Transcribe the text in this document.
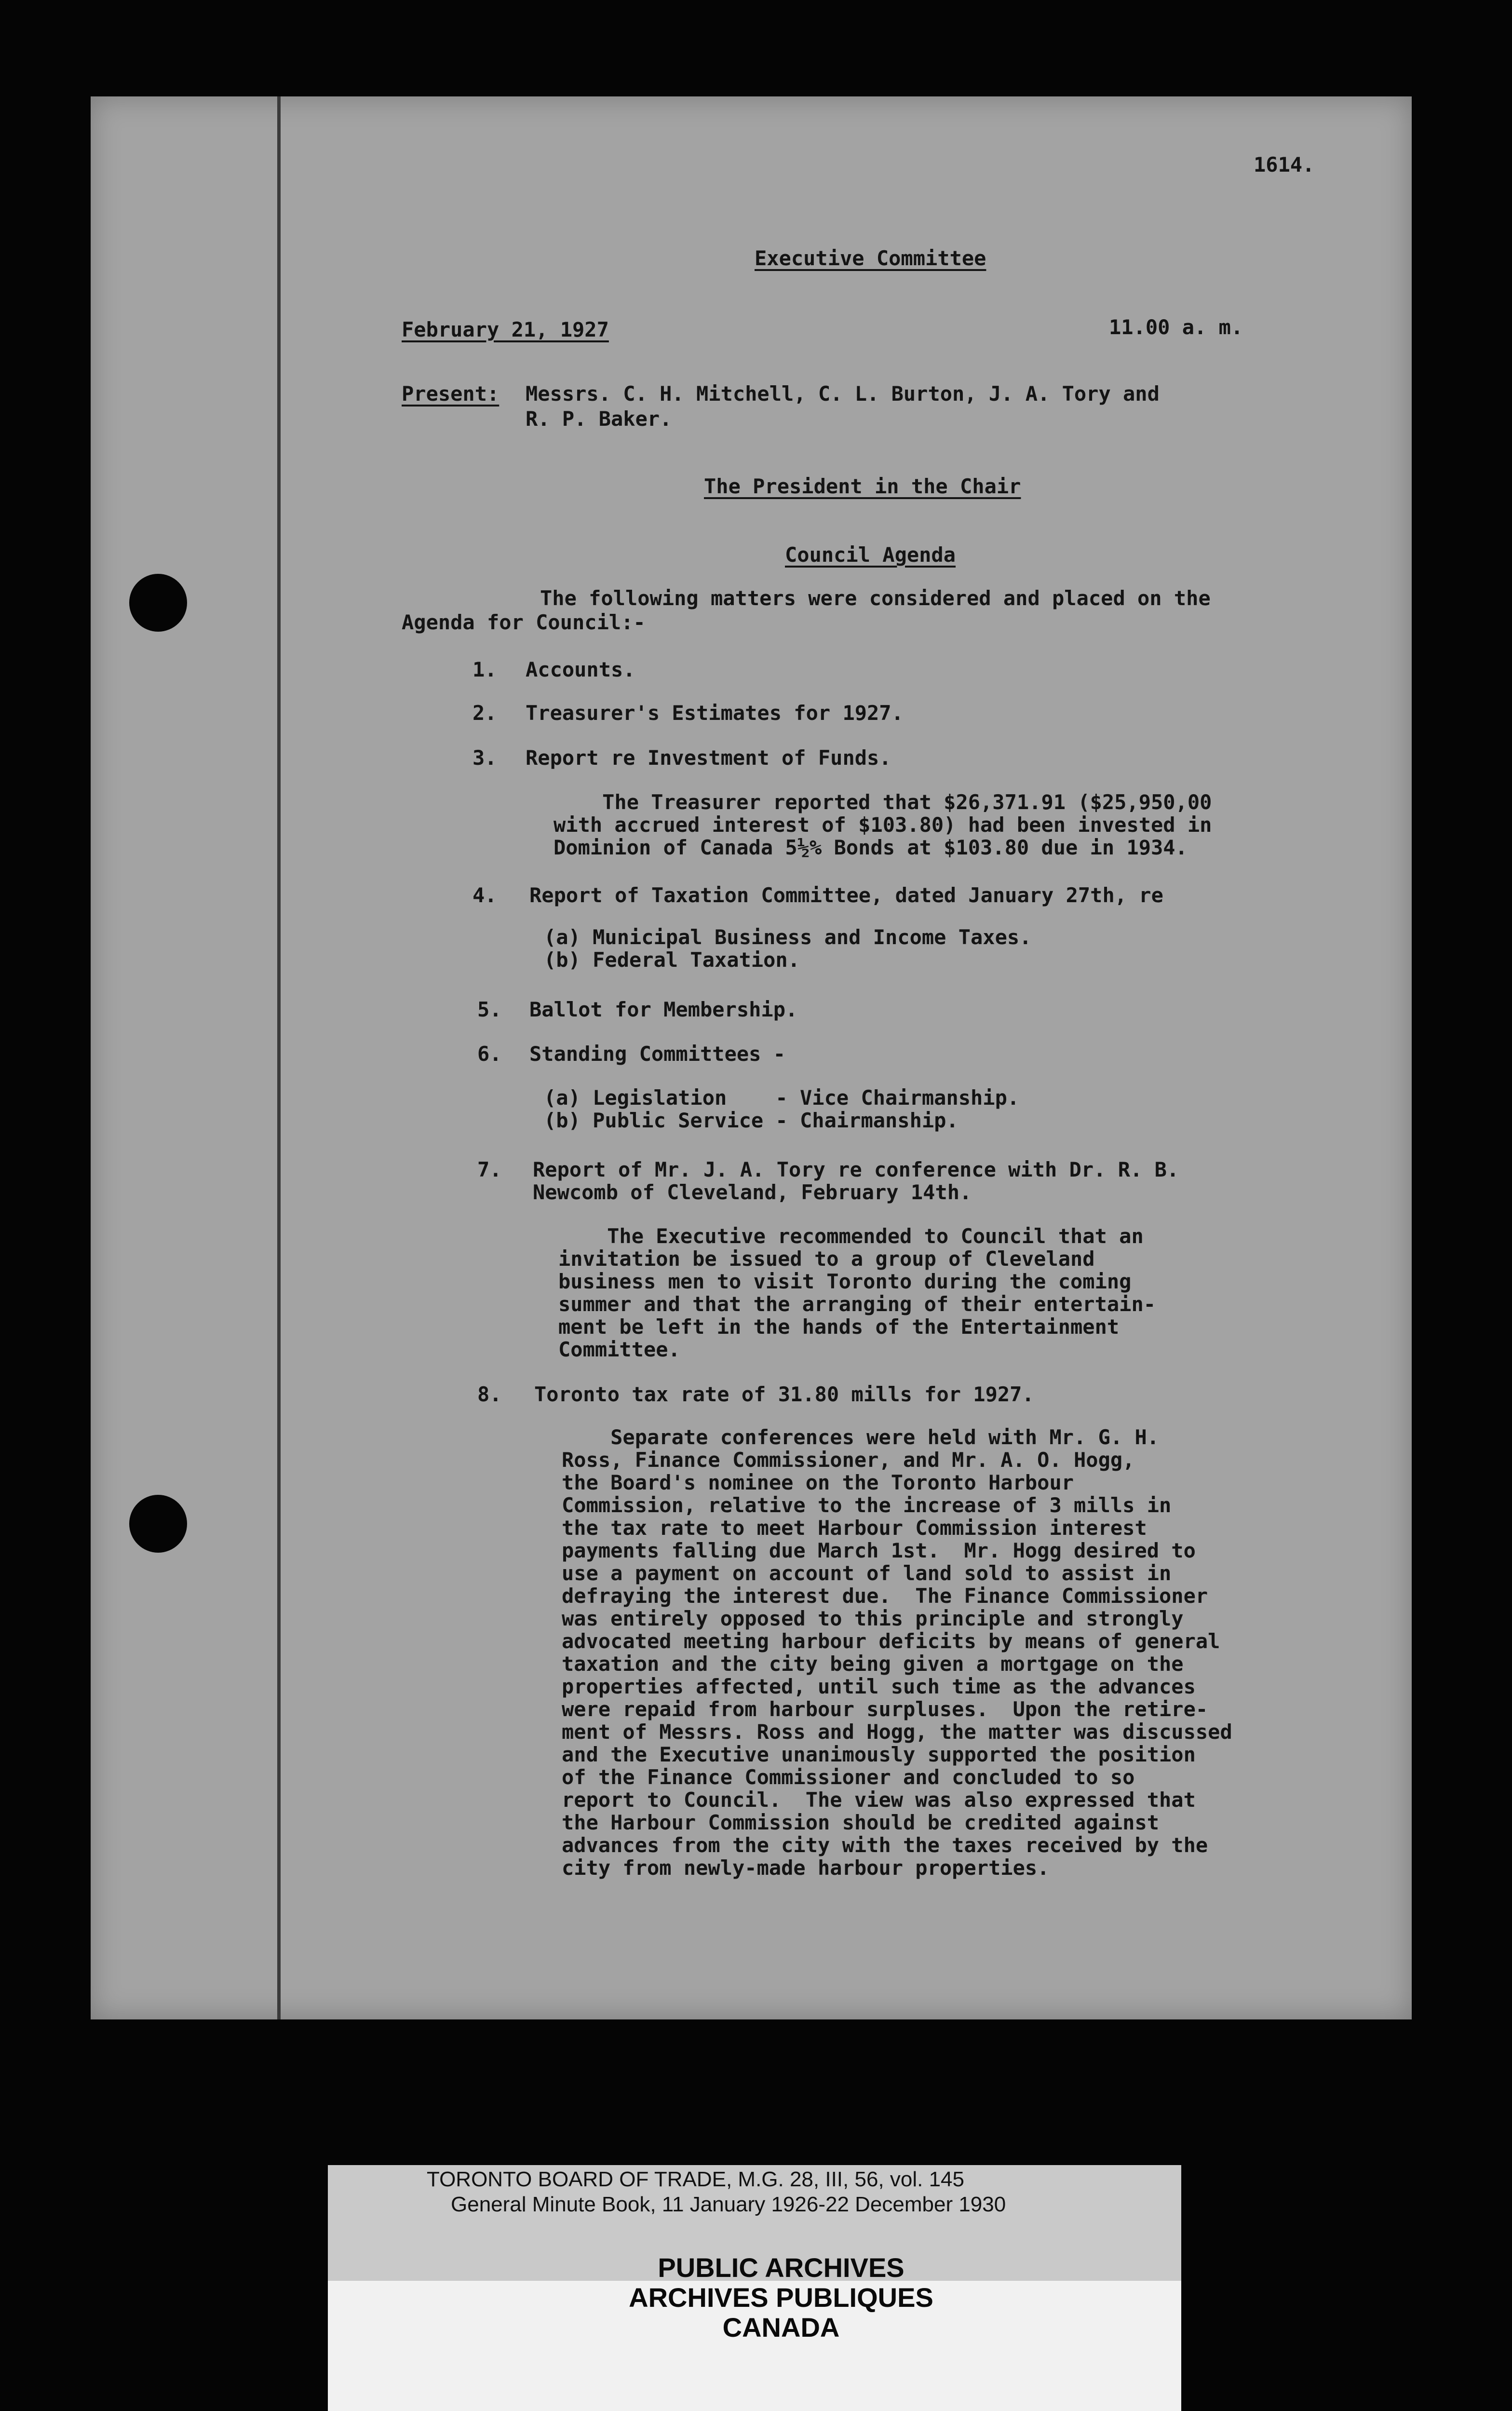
1614.
Executive Committee
February 21, 1927	11.00 a. m.
Present: Messrs. C. H. Mitchell, C. L. Burton, J. A. Tory and
R. P. Baker.
The President in the Chair
Council Agenda
The following matters were considered and placed on the
Agenda for Council:-
1. Accounts.
2. Treasurer's Estimates for 1927.
3. Report re Investment of Funds.
The Treasurer reported that $26,371.91 ($25,950,00
with accrued interest of $103.80) had been invested in
Dominion of Canada 5½% Bonds at $103.80 due in 1934.
4. Report of Taxation Committee, dated January 27th, re
(a) Municipal Business and Income Taxes.
(b) Federal Taxation.
5. Ballot for Membership.
6. Standing Committees -
(a) Legislation    - Vice Chairmanship.
(b) Public Service - Chairmanship.
7. Report of Mr. J. A. Tory re conference with Dr. R. B.
Newcomb of Cleveland, February 14th.
The Executive recommended to Council that an
invitation be issued to a group of Cleveland
business men to visit Toronto during the coming
summer and that the arranging of their entertain-
ment be left in the hands of the Entertainment
Committee.
8. Toronto tax rate of 31.80 mills for 1927.
Separate conferences were held with Mr. G. H.
Ross, Finance Commissioner, and Mr. A. O. Hogg,
the Board's nominee on the Toronto Harbour
Commission, relative to the increase of 3 mills in
the tax rate to meet Harbour Commission interest
payments falling due March 1st.  Mr. Hogg desired to
use a payment on account of land sold to assist in
defraying the interest due.  The Finance Commissioner
was entirely opposed to this principle and strongly
advocated meeting harbour deficits by means of general
taxation and the city being given a mortgage on the
properties affected, until such time as the advances
were repaid from harbour surpluses.  Upon the retire-
ment of Messrs. Ross and Hogg, the matter was discussed
and the Executive unanimously supported the position
of the Finance Commissioner and concluded to so
report to Council.  The view was also expressed that
the Harbour Commission should be credited against
advances from the city with the taxes received by the
city from newly-made harbour properties.
TORONTO BOARD OF TRADE, M.G. 28, III, 56, vol. 145
General Minute Book, 11 January 1926-22 December 1930
PUBLIC ARCHIVES
ARCHIVES PUBLIQUES
CANADA
